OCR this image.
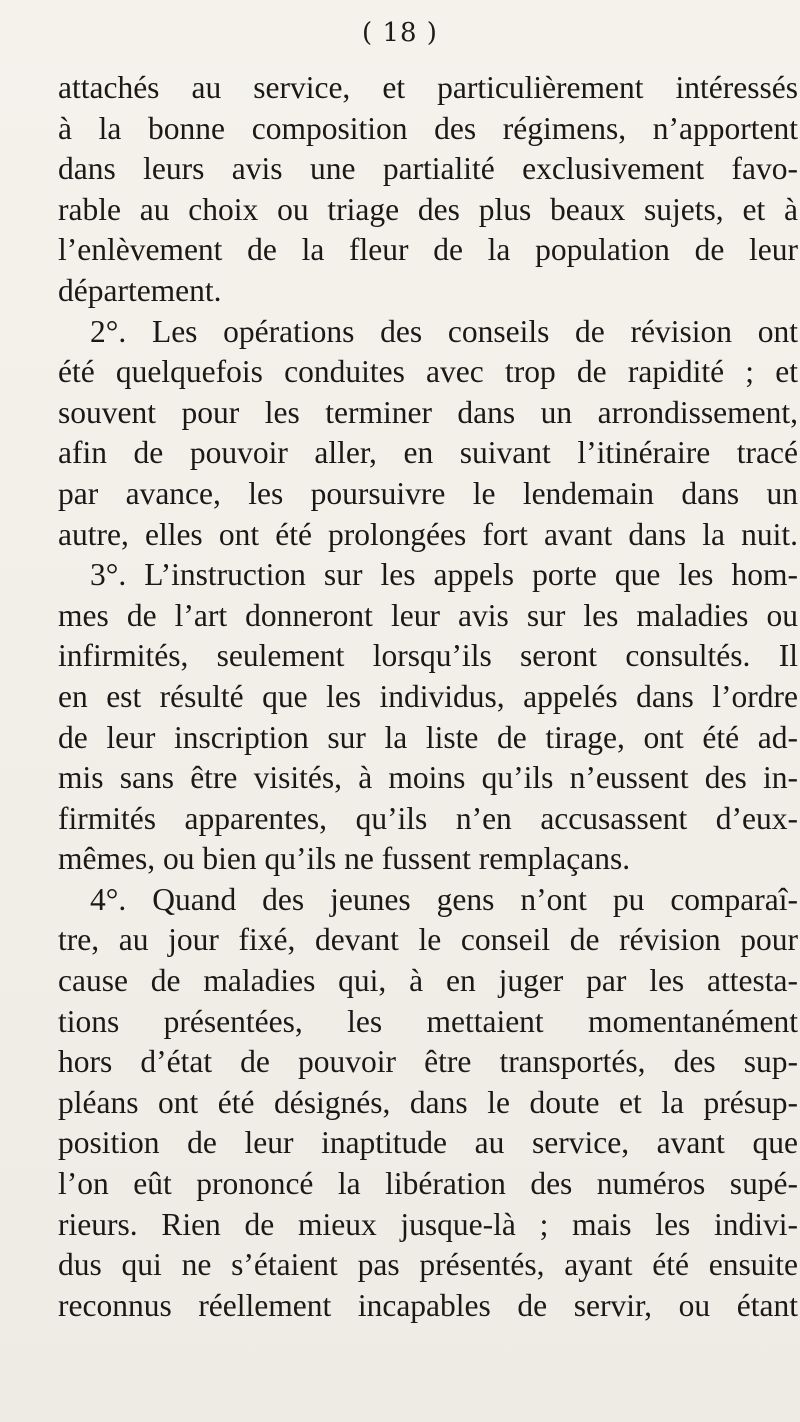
( 18 )
attachés au service, et particulièrement intéressés
à la bonne composition des régimens, n’apportent
dans leurs avis une partialité exclusivement favo-
rable au choix ou triage des plus beaux sujets, et à
l’enlèvement de la fleur de la population de leur
département.
2°. Les opérations des conseils de révision ont
été quelquefois conduites avec trop de rapidité ; et
souvent pour les terminer dans un arrondissement,
afin de pouvoir aller, en suivant l’itinéraire tracé
par avance, les poursuivre le lendemain dans un
autre, elles ont été prolongées fort avant dans la nuit.
3°. L’instruction sur les appels porte que les hom-
mes de l’art donneront leur avis sur les maladies ou
infirmités, seulement lorsqu’ils seront consultés. Il
en est résulté que les individus, appelés dans l’ordre
de leur inscription sur la liste de tirage, ont été ad-
mis sans être visités, à moins qu’ils n’eussent des in-
firmités apparentes, qu’ils n’en accusassent d’eux-
mêmes, ou bien qu’ils ne fussent remplaçans.
4°. Quand des jeunes gens n’ont pu comparaî-
tre, au jour fixé, devant le conseil de révision pour
cause de maladies qui, à en juger par les attesta-
tions présentées, les mettaient momentanément
hors d’état de pouvoir être transportés, des sup-
pléans ont été désignés, dans le doute et la présup-
position de leur inaptitude au service, avant que
l’on eût prononcé la libération des numéros supé-
rieurs. Rien de mieux jusque-là ; mais les indivi-
dus qui ne s’étaient pas présentés, ayant été ensuite
reconnus réellement incapables de servir, ou étant
